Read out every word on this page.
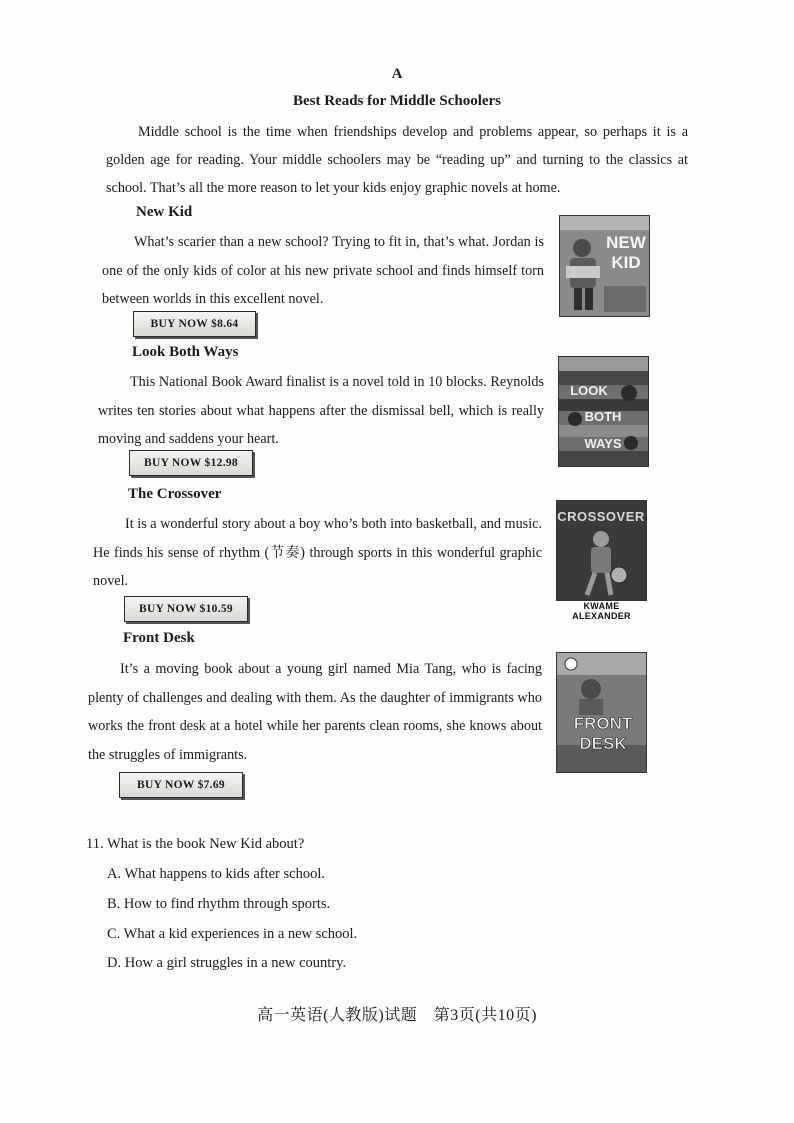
A
Best Reads for Middle Schoolers
Middle school is the time when friendships develop and problems appear, so perhaps it is a golden age for reading. Your middle schoolers may be “reading up” and turning to the classics at school. That’s all the more reason to let your kids enjoy graphic novels at home.
New Kid
What’s scarier than a new school? Trying to fit in, that’s what. Jordan is one of the only kids of color at his new private school and finds himself torn between worlds in this excellent novel.
BUY NOW $8.64
NEW
KID
Look Both Ways
This National Book Award finalist is a novel told in 10 blocks. Reynolds writes ten stories about what happens after the dismissal bell, which is really moving and saddens your heart.
BUY NOW $12.98
LOOK
BOTH
WAYS
The Crossover
It is a wonderful story about a boy who’s both into basketball, and music. He finds his sense of rhythm (节奏) through sports in this wonderful graphic novel.
BUY NOW $10.59
CROSSOVER
KWAME ALEXANDER
Front Desk
It’s a moving book about a young girl named Mia Tang, who is facing plenty of challenges and dealing with them. As the daughter of immigrants who works the front desk at a hotel while her parents clean rooms, she knows about the struggles of immigrants.
BUY NOW $7.69
FRONT
DESK
11. What is the book New Kid about?
A. What happens to kids after school.
B. How to find rhythm through sports.
C. What a kid experiences in a new school.
D. How a girl struggles in a new country.
高一英语(人教版)试题　第3页(共10页)
